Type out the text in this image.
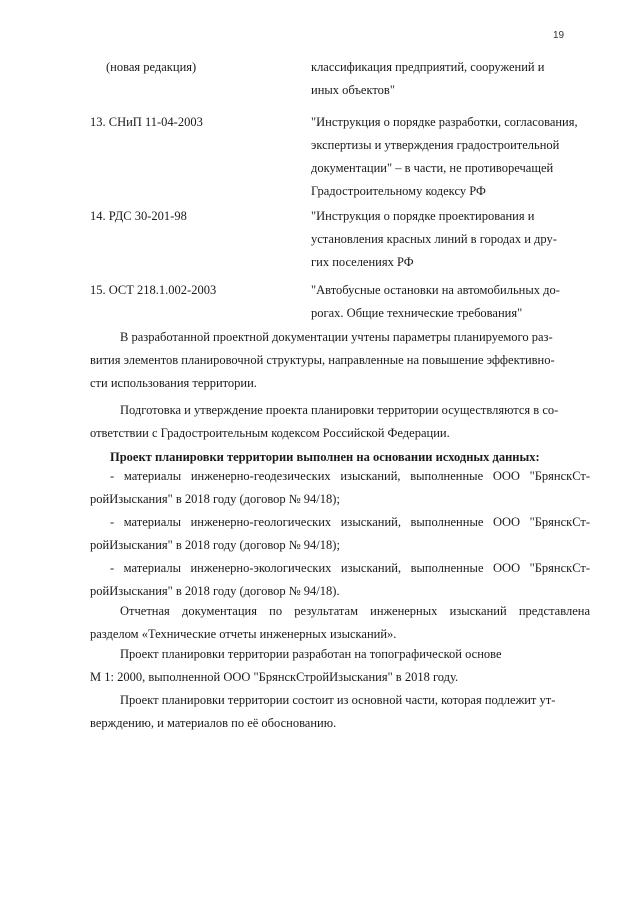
19
(новая редакция)	классификация предприятий, сооружений и
иных объектов"
13. СНиП 11-04-2003	"Инструкция о порядке разработки, согласования,
экспертизы и утверждения градостроительной
документации" – в части, не противоречащей
Градостроительному кодексу РФ
14. РДС 30-201-98	"Инструкция о порядке проектирования и
установления красных линий в городах и дру-
гих поселениях РФ
15. ОСТ 218.1.002-2003	"Автобусные остановки на автомобильных до-
рогах. Общие технические требования"
В разработанной проектной документации учтены параметры планируемого раз-
вития элементов планировочной структуры, направленные на повышение эффективно-
сти использования территории.
Подготовка и утверждение проекта планировки территории осуществляются в со-
ответствии с Градостроительным кодексом Российской Федерации.
Проект планировки территории выполнен на основании исходных данных:
- материалы инженерно-геодезических изысканий, выполненные ООО "БрянскСт-
ройИзыскания" в 2018 году (договор № 94/18);
- материалы инженерно-геологических изысканий, выполненные ООО "БрянскСт-
ройИзыскания" в 2018 году (договор № 94/18);
- материалы инженерно-экологических изысканий, выполненные ООО "БрянскСт-
ройИзыскания" в 2018 году (договор № 94/18).
Отчетная документация по результатам инженерных изысканий представлена
разделом «Технические отчеты инженерных изысканий».
Проект планировки территории разработан на топографической основе
М 1: 2000, выполненной ООО "БрянскСтройИзыскания" в 2018 году.
Проект планировки территории состоит из основной части, которая подлежит ут-
верждению, и материалов по её обоснованию.
